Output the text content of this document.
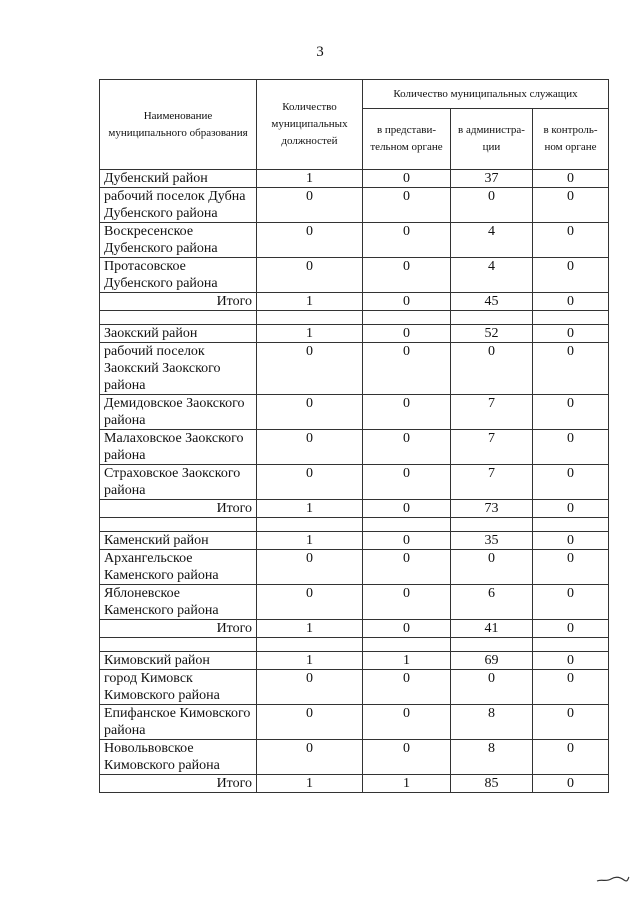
3
Наименование муниципального образования	Количество муниципальных должностей	Количество муниципальных служащих		
		в представи-тельном органе	в администра-ции	в контроль-ном органе
Дубенский район	1	0	37	0
рабочий поселок Дубна Дубенского района	0	0	0	0
Воскресенское Дубенского района	0	0	4	0
Протасовское Дубенского района	0	0	4	0
Итого	1	0	45	0

Заокский район	1	0	52	0
рабочий поселок Заокский Заокского района	0	0	0	0
Демидовское Заокского района	0	0	7	0
Малаховское Заокского района	0	0	7	0
Страховское Заокского района	0	0	7	0
Итого	1	0	73	0

Каменский район	1	0	35	0
Архангельское Каменского района	0	0	0	0
Яблоневское Каменского района	0	0	6	0
Итого	1	0	41	0

Кимовский район	1	1	69	0
город Кимовск Кимовского района	0	0	0	0
Епифанское Кимовского района	0	0	8	0
Новольвовское Кимовского района	0	0	8	0
Итого	1	1	85	0
